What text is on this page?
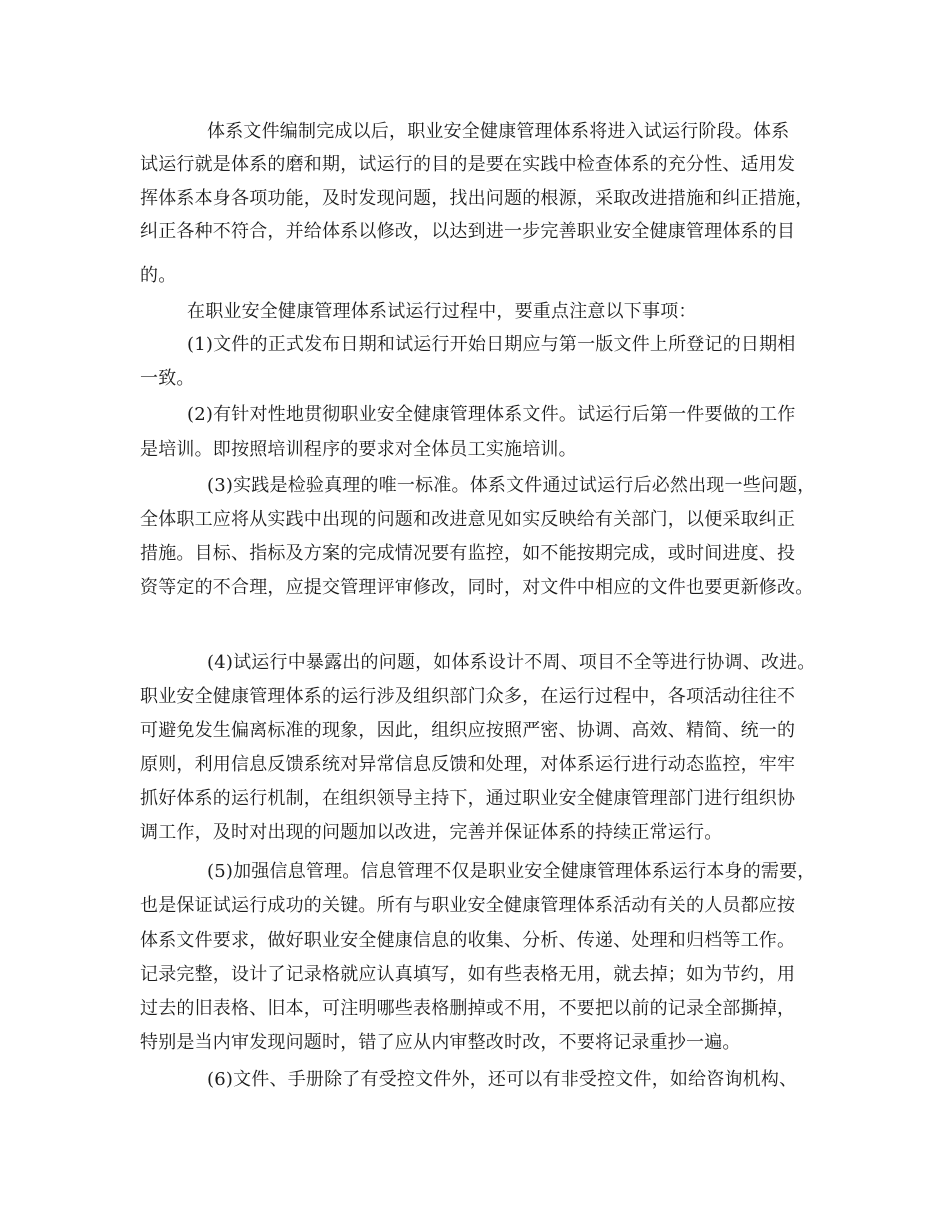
体系文件编制完成以后，职业安全健康管理体系将进入试运行阶段。体系

试运行就是体系的磨和期，试运行的目的是要在实践中检查体系的充分性、适用发

挥体系本身各项功能，及时发现问题，找出问题的根源，采取改进措施和纠正措施，

纠正各种不符合，并给体系以修改，以达到进一步完善职业安全健康管理体系的目

的。

在职业安全健康管理体系试运行过程中，要重点注意以下事项：

(1)文件的正式发布日期和试运行开始日期应与第一版文件上所登记的日期相

一致。

(2)有针对性地贯彻职业安全健康管理体系文件。试运行后第一件要做的工作

是培训。即按照培训程序的要求对全体员工实施培训。

(3)实践是检验真理的唯一标准。体系文件通过试运行后必然出现一些问题，

全体职工应将从实践中出现的问题和改进意见如实反映给有关部门，以便采取纠正

措施。目标、指标及方案的完成情况要有监控，如不能按期完成，或时间进度、投

资等定的不合理，应提交管理评审修改，同时，对文件中相应的文件也要更新修改。

(4)试运行中暴露出的问题，如体系设计不周、项目不全等进行协调、改进。

职业安全健康管理体系的运行涉及组织部门众多，在运行过程中，各项活动往往不

可避免发生偏离标准的现象，因此，组织应按照严密、协调、高效、精简、统一的

原则，利用信息反馈系统对异常信息反馈和处理，对体系运行进行动态监控，牢牢

抓好体系的运行机制，在组织领导主持下，通过职业安全健康管理部门进行组织协

调工作，及时对出现的问题加以改进，完善并保证体系的持续正常运行。

(5)加强信息管理。信息管理不仅是职业安全健康管理体系运行本身的需要，

也是保证试运行成功的关键。所有与职业安全健康管理体系活动有关的人员都应按

体系文件要求，做好职业安全健康信息的收集、分析、传递、处理和归档等工作。

记录完整，设计了记录格就应认真填写，如有些表格无用，就去掉；如为节约，用

过去的旧表格、旧本，可注明哪些表格删掉或不用，不要把以前的记录全部撕掉，

特别是当内审发现问题时，错了应从内审整改时改，不要将记录重抄一遍。

(6)文件、手册除了有受控文件外，还可以有非受控文件，如给咨询机构、
